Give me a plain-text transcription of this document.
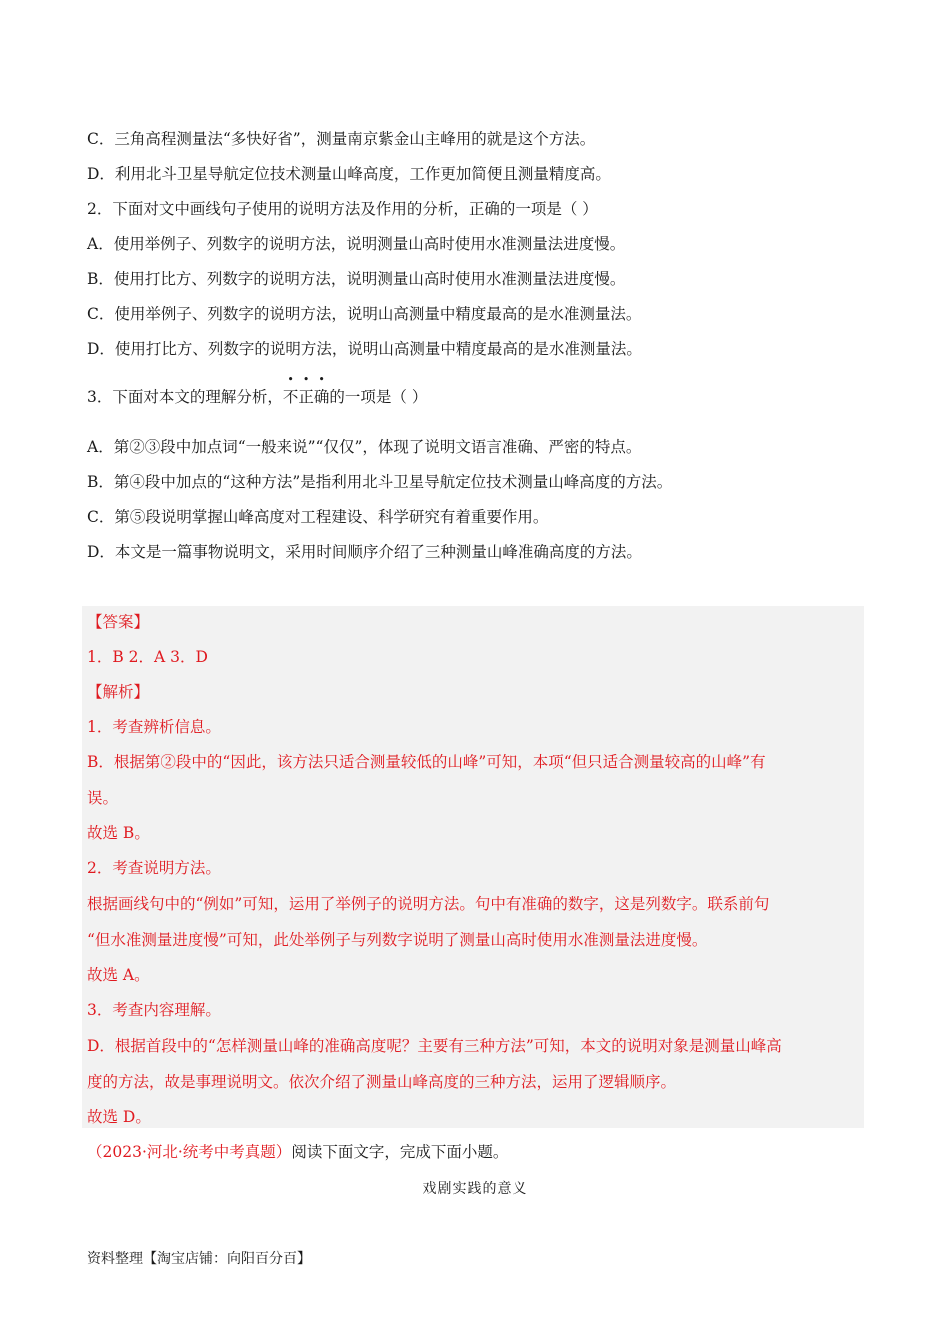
C．三角高程测量法“多快好省”，测量南京紫金山主峰用的就是这个方法。
D．利用北斗卫星导航定位技术测量山峰高度，工作更加简便且测量精度高。
2．下面对文中画线句子使用的说明方法及作用的分析，正确的一项是（ ）
A．使用举例子、列数字的说明方法，说明测量山高时使用水准测量法进度慢。
B．使用打比方、列数字的说明方法，说明测量山高时使用水准测量法进度慢。
C．使用举例子、列数字的说明方法，说明山高测量中精度最高的是水准测量法。
D．使用打比方、列数字的说明方法，说明山高测量中精度最高的是水准测量法。
3．下面对本文的理解分析，不正确的一项是（ ）
A．第②③段中加点词“一般来说”“仅仅”，体现了说明文语言准确、严密的特点。
B．第④段中加点的“这种方法”是指利用北斗卫星导航定位技术测量山峰高度的方法。
C．第⑤段说明掌握山峰高度对工程建设、科学研究有着重要作用。
D．本文是一篇事物说明文，采用时间顺序介绍了三种测量山峰准确高度的方法。
【答案】
1．B 2．A 3．D
【解析】
1．考查辨析信息。
B．根据第②段中的“因此，该方法只适合测量较低的山峰”可知，本项“但只适合测量较高的山峰”有
误。
故选 B。
2．考查说明方法。
根据画线句中的“例如”可知，运用了举例子的说明方法。句中有准确的数字，这是列数字。联系前句
“但水准测量进度慢”可知，此处举例子与列数字说明了测量山高时使用水准测量法进度慢。
故选 A。
3．考查内容理解。
D．根据首段中的“怎样测量山峰的准确高度呢？主要有三种方法”可知，本文的说明对象是测量山峰高
度的方法，故是事理说明文。依次介绍了测量山峰高度的三种方法，运用了逻辑顺序。
故选 D。
（2023·河北·统考中考真题）阅读下面文字，完成下面小题。
戏剧实践的意义
资料整理【淘宝店铺：向阳百分百】
